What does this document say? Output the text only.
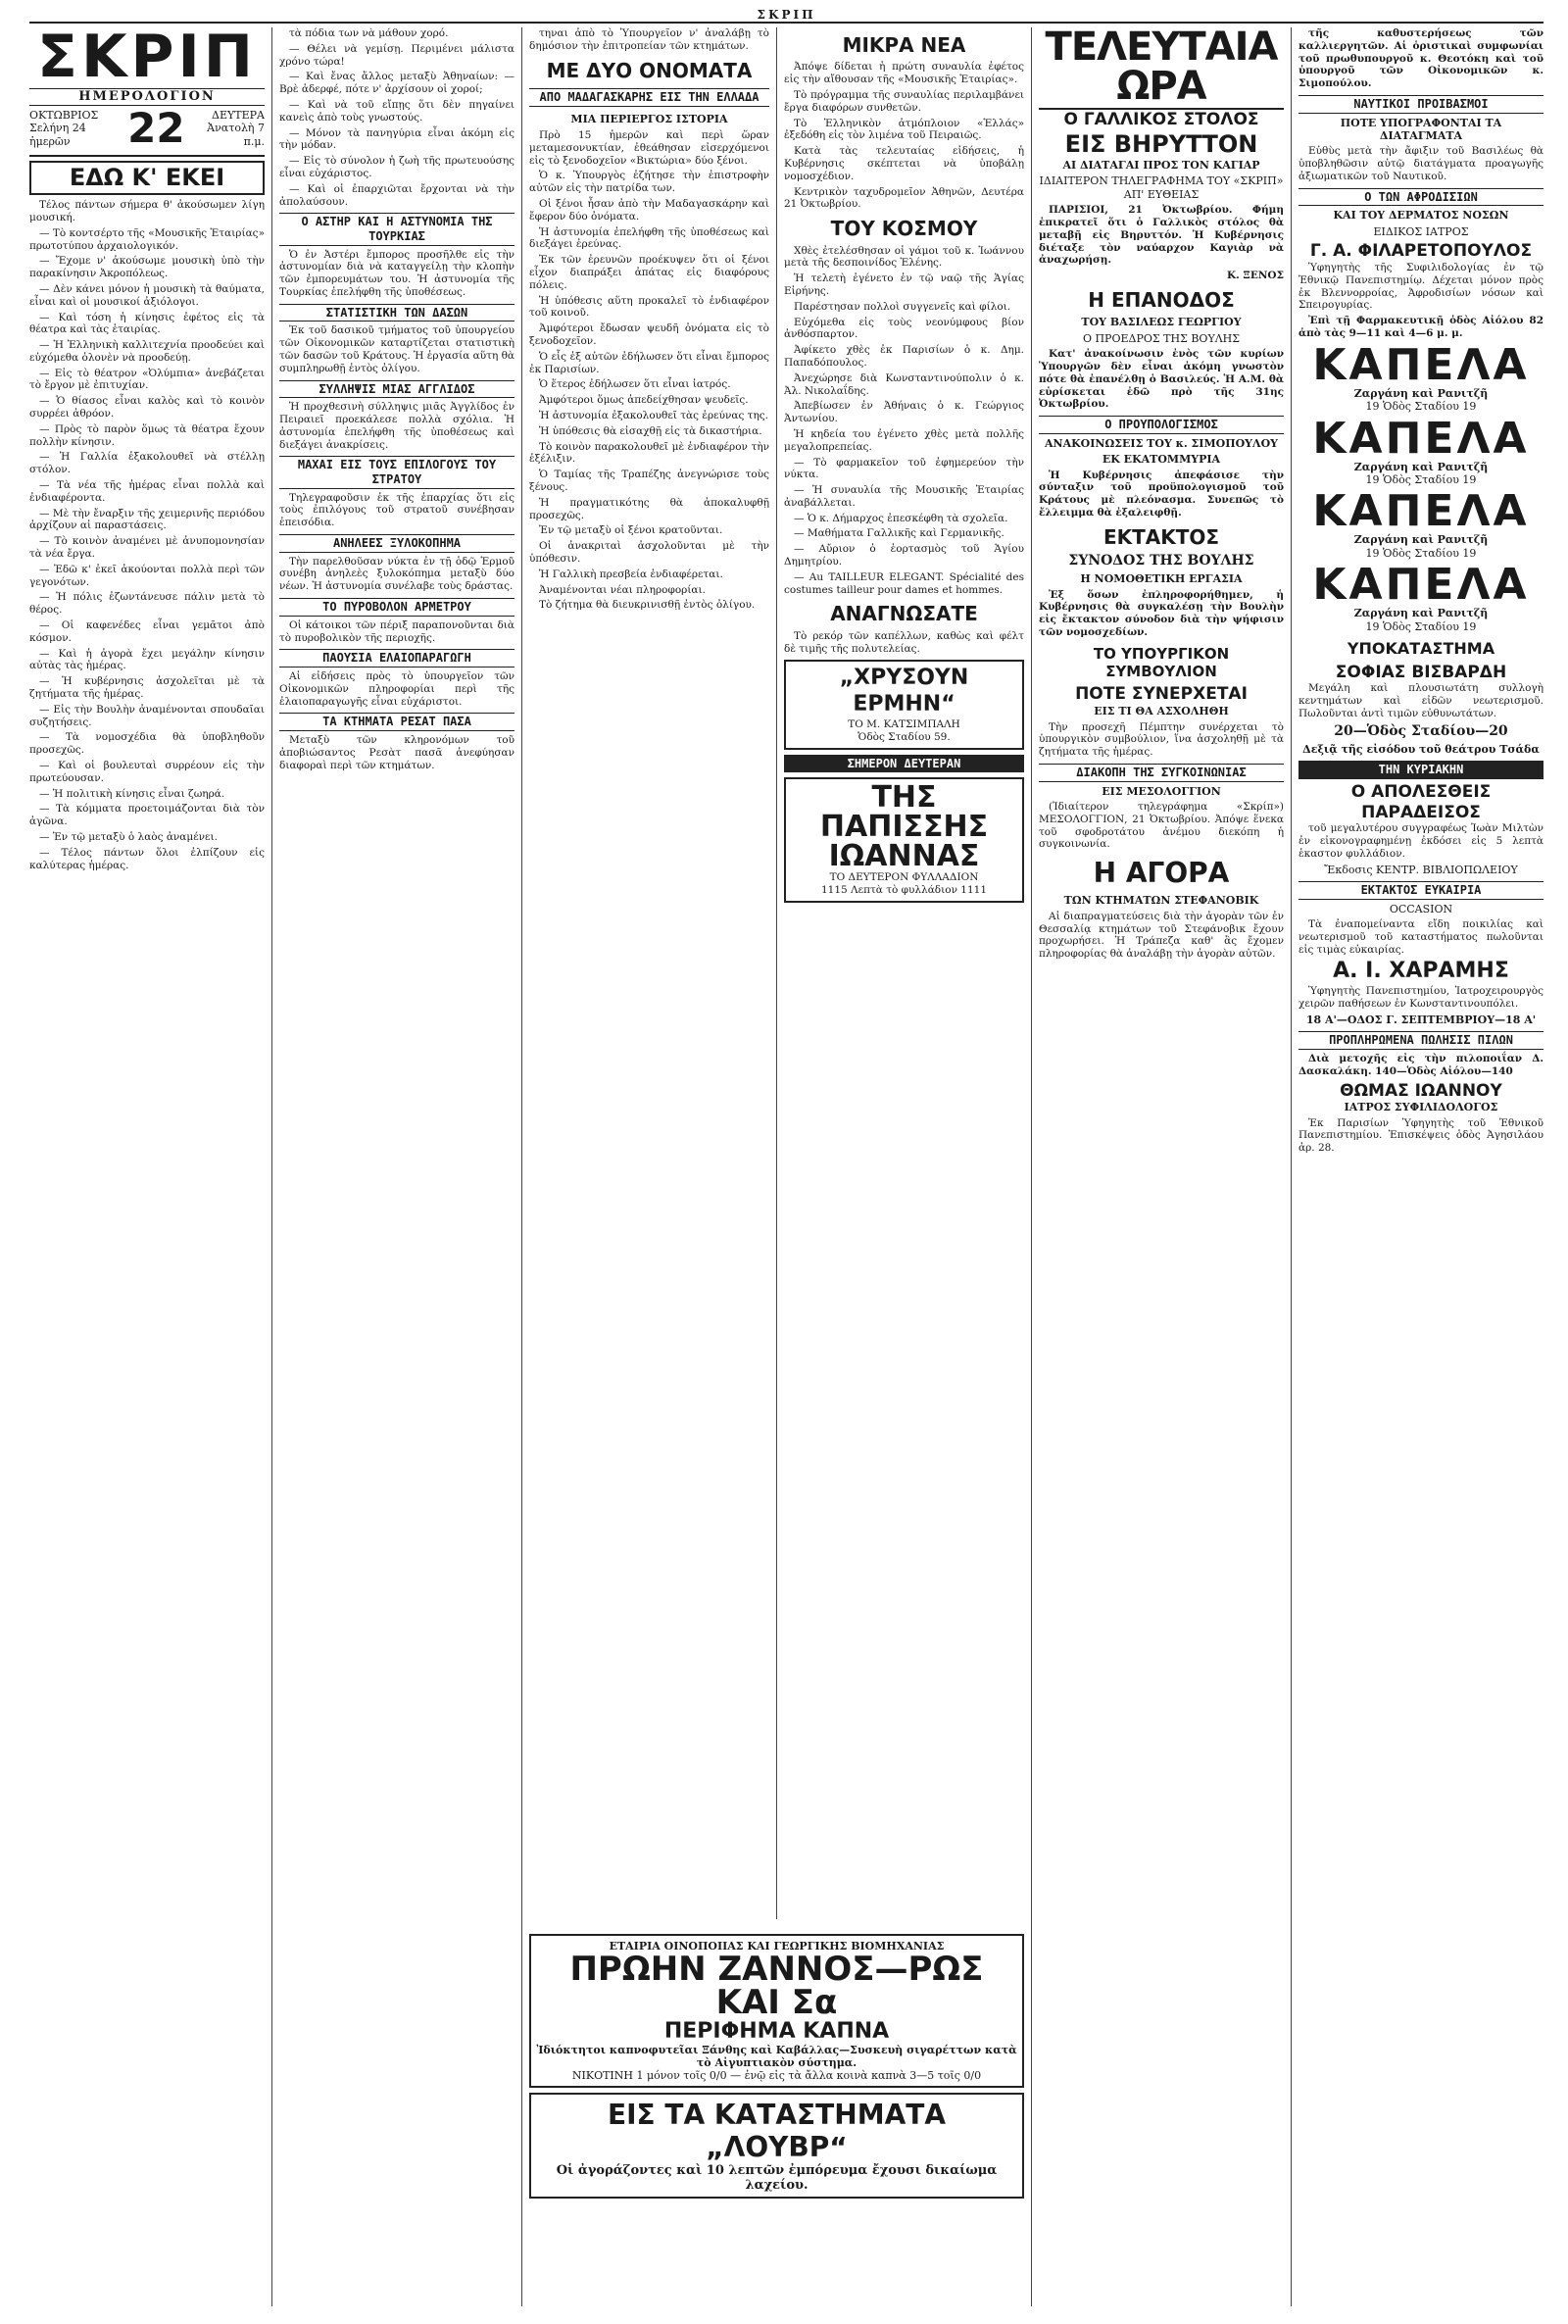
ΣΚΡΙΠ
ΣΚΡΙΠ
ΗΜΕΡΟΛΟΓΙΟΝ
ΟΚΤΩΒΡΙΟΣ
Σελήνη 24 ἡμερῶν	22	ΔΕΥΤΕΡΑ
Ἀνατολὴ 7 π.μ.
ΕΔΩ Κ' ΕΚΕΙ

Τέλος πάντων σήμερα θ' ἀκούσωμεν λίγη μουσική.

— Τὸ κοντσέρτο τῆς «Μουσικῆς Ἑταιρίας» πρωτοτύπου ἀρχαιολογικόν.

— Ἔχομε ν' ἀκούσωμε μουσικὴ ὑπὸ τὴν παρακίνησιν Ἀκροπόλεως.

— Δὲν κάνει μόνον ἡ μουσικὴ τὰ θαύματα, εἶναι καὶ οἱ μουσικοί ἀξιόλογοι.

— Καὶ τόση ἡ κίνησις ἐφέτος εἰς τὰ θέατρα καὶ τὰς ἑταιρίας.

— Ἡ Ἑλληνικὴ καλλιτεχνία προοδεύει καὶ εὐχόμεθα ὁλονὲν νὰ προοδεύῃ.

— Εἰς τὸ θέατρον «Ὀλύμπια» ἀνεβάζεται τὸ ἔργον μὲ ἐπιτυχίαν.

— Ὁ θίασος εἶναι καλὸς καὶ τὸ κοινὸν συρρέει ἀθρόον.

— Πρὸς τὸ παρὸν ὅμως τὰ θέατρα ἔχουν πολλὴν κίνησιν.

— Ἡ Γαλλία ἐξακολουθεῖ νὰ στέλλῃ στόλον.

— Τὰ νέα τῆς ἡμέρας εἶναι πολλὰ καὶ ἐνδιαφέροντα.

— Μὲ τὴν ἔναρξιν τῆς χειμερινῆς περιόδου ἀρχίζουν αἱ παραστάσεις.

— Τὸ κοινὸν ἀναμένει μὲ ἀνυπομονησίαν τὰ νέα ἔργα.

— Ἐδῶ κ' ἐκεῖ ἀκούονται πολλὰ περὶ τῶν γεγονότων.

— Ἡ πόλις ἐζωντάνευσε πάλιν μετὰ τὸ θέρος.

— Οἱ καφενέδες εἶναι γεμᾶτοι ἀπὸ κόσμον.

— Καὶ ἡ ἀγορὰ ἔχει μεγάλην κίνησιν αὐτὰς τὰς ἡμέρας.

— Ἡ κυβέρνησις ἀσχολεῖται μὲ τὰ ζητήματα τῆς ἡμέρας.

— Εἰς τὴν Βουλὴν ἀναμένονται σπουδαῖαι συζητήσεις.

— Τὰ νομοσχέδια θὰ ὑποβληθοῦν προσεχῶς.

— Καὶ οἱ βουλευταὶ συρρέουν εἰς τὴν πρωτεύουσαν.

— Ἡ πολιτικὴ κίνησις εἶναι ζωηρά.

— Τὰ κόμματα προετοιμάζονται διὰ τὸν ἀγῶνα.

— Ἐν τῷ μεταξὺ ὁ λαὸς ἀναμένει.

— Τέλος πάντων ὅλοι ἐλπίζουν εἰς καλύτερας ἡμέρας.

τὰ πόδια των νὰ μάθουν χορό.

— Θέλει νὰ γεμίσῃ. Περιμένει μάλιστα χρόνο τώρα!

— Καὶ ἔνας ἄλλος μεταξὺ Ἀθηναίων: — Βρὲ ἀδερφέ, πότε ν' ἀρχίσουν οἱ χοροί;

— Καὶ νὰ τοῦ εἴπῃς ὅτι δὲν πηγαίνει κανεὶς ἀπὸ τοὺς γνωστούς.

— Μόνον τὰ πανηγύρια εἶναι ἀκόμη εἰς τὴν μόδαν.

— Εἰς τὸ σύνολον ἡ ζωὴ τῆς πρωτευούσης εἶναι εὐχάριστος.

— Καὶ οἱ ἐπαρχιῶται ἔρχονται νὰ τὴν ἀπολαύσουν.

Ο ΑΣΤΗΡ ΚΑΙ Η ΑΣΤΥΝΟΜΙΑ ΤΗΣ ΤΟΥΡΚΙΑΣ

Ὁ ἐν Ἀστέρι ἔμπορος προσῆλθε εἰς τὴν ἀστυνομίαν διὰ νὰ καταγγείλῃ τὴν κλοπὴν τῶν ἐμπορευμάτων του. Ἡ ἀστυνομία τῆς Τουρκίας ἐπελήφθη τῆς ὑποθέσεως.

ΣΤΑΤΙΣΤΙΚΗ ΤΩΝ ΔΑΣΩΝ

Ἐκ τοῦ δασικοῦ τμήματος τοῦ ὑπουργείου τῶν Οἰκονομικῶν καταρτίζεται στατιστικὴ τῶν δασῶν τοῦ Κράτους. Ἡ ἐργασία αὕτη θὰ συμπληρωθῇ ἐντὸς ὀλίγου.

ΣΥΛΛΗΨΙΣ ΜΙΑΣ ΑΓΓΛΙΔΟΣ

Ἡ προχθεσινὴ σύλληψις μιᾶς Ἀγγλίδος ἐν Πειραιεῖ προεκάλεσε πολλὰ σχόλια. Ἡ ἀστυνομία ἐπελήφθη τῆς ὑποθέσεως καὶ διεξάγει ἀνακρίσεις.

ΜΑΧΑΙ ΕΙΣ ΤΟΥΣ ΕΠΙΛΟΓΟΥΣ ΤΟΥ ΣΤΡΑΤΟΥ

Τηλεγραφοῦσιν ἐκ τῆς ἐπαρχίας ὅτι εἰς τοὺς ἐπιλόγους τοῦ στρατοῦ συνέβησαν ἐπεισόδια.

ΑΝΗΛΕΕΣ ΞΥΛΟΚΟΠΗΜΑ

Τὴν παρελθοῦσαν νύκτα ἐν τῇ ὁδῷ Ἑρμοῦ συνέβη ἀνηλεὲς ξυλοκόπημα μεταξὺ δύο νέων. Ἡ ἀστυνομία συνέλαβε τοὺς δράστας.

ΤΟ ΠΥΡΟΒΟΛΟΝ ΑΡΜΕΤΡΟΥ

Οἱ κάτοικοι τῶν πέριξ παραπονοῦνται διὰ τὸ πυροβολικὸν τῆς περιοχῆς.

ΠΑΟΥΣΙΑ ΕΛΑΙΟΠΑΡΑΓΩΓΗ

Αἱ εἰδήσεις πρὸς τὸ ὑπουργεῖον τῶν Οἰκονομικῶν πληροφορίαι περὶ τῆς ἐλαιοπαραγωγῆς εἶναι εὐχάριστοι.

ΤΑ ΚΤΗΜΑΤΑ ΡΕΣΑΤ ΠΑΣΑ

Μεταξὺ τῶν κληρονόμων τοῦ ἀποβιώσαντος Ρεσὰτ πασᾶ ἀνεφύησαν διαφοραὶ περὶ τῶν κτημάτων.

τηναι ἀπὸ τὸ Ὑπουργεῖον ν' ἀναλάβῃ τὸ δημόσιον τὴν ἐπιτροπείαν τῶν κτημάτων.

ΜΕ ΔΥΟ ΟΝΟΜΑΤΑ
ΑΠΟ ΜΑΔΑΓΑΣΚΑΡΗΣ ΕΙΣ ΤΗΝ ΕΛΛΑΔΑ
ΜΙΑ ΠΕΡΙΕΡΓΟΣ ΙΣΤΟΡΙΑ

Πρὸ 15 ἡμερῶν καὶ περὶ ὥραν μεταμεσονυκτίαν, ἐθεάθησαν εἰσερχόμενοι εἰς τὸ ξενοδοχεῖον «Βικτώρια» δύο ξένοι.

Ὁ κ. Ὑπουργὸς ἐζήτησε τὴν ἐπιστροφὴν αὐτῶν εἰς τὴν πατρίδα των.

Οἱ ξένοι ἦσαν ἀπὸ τὴν Μαδαγασκάρην καὶ ἔφερον δύο ὀνόματα.

Ἡ ἀστυνομία ἐπελήφθη τῆς ὑποθέσεως καὶ διεξάγει ἐρεύνας.

Ἐκ τῶν ἐρευνῶν προέκυψεν ὅτι οἱ ξένοι εἶχον διαπράξει ἀπάτας εἰς διαφόρους πόλεις.

Ἡ ὑπόθεσις αὕτη προκαλεῖ τὸ ἐνδιαφέρον τοῦ κοινοῦ.

Ἀμφότεροι ἔδωσαν ψευδῆ ὀνόματα εἰς τὸ ξενοδοχεῖον.

Ὁ εἷς ἐξ αὐτῶν ἐδήλωσεν ὅτι εἶναι ἔμπορος ἐκ Παρισίων.

Ὁ ἕτερος ἐδήλωσεν ὅτι εἶναι ἰατρός.

Ἀμφότεροι ὅμως ἀπεδείχθησαν ψευδεῖς.

Ἡ ἀστυνομία ἐξακολουθεῖ τὰς ἐρεύνας της.

Ἡ ὑπόθεσις θὰ εἰσαχθῇ εἰς τὰ δικαστήρια.

Τὸ κοινὸν παρακολουθεῖ μὲ ἐνδιαφέρον τὴν ἐξέλιξιν.

Ὁ Ταμίας τῆς Τραπέζης ἀνεγνώρισε τοὺς ξένους.

Ἡ πραγματικότης θὰ ἀποκαλυφθῇ προσεχῶς.

Ἐν τῷ μεταξὺ οἱ ξένοι κρατοῦνται.

Οἱ ἀνακριταὶ ἀσχολοῦνται μὲ τὴν ὑπόθεσιν.

Ἡ Γαλλικὴ πρεσβεία ἐνδιαφέρεται.

Ἀναμένονται νέαι πληροφορίαι.

Τὸ ζήτημα θὰ διευκρινισθῇ ἐντὸς ὀλίγου.

ΜΙΚΡΑ ΝΕΑ

Ἀπόψε δίδεται ἡ πρώτη συναυλία ἐφέτος εἰς τὴν αἴθουσαν τῆς «Μουσικῆς Ἑταιρίας».

Τὸ πρόγραμμα τῆς συναυλίας περιλαμβάνει ἔργα διαφόρων συνθετῶν.

Τὸ Ἑλληνικὸν ἀτμόπλοιον «Ἑλλάς» ἐξεδόθη εἰς τὸν λιμένα τοῦ Πειραιῶς.

Κατὰ τὰς τελευταίας εἰδήσεις, ἡ Κυβέρνησις σκέπτεται νὰ ὑποβάλῃ νομοσχέδιον.

Κεντρικὸν ταχυδρομεῖον Ἀθηνῶν, Δευτέρα 21 Ὀκτωβρίου.

ΤΟΥ ΚΟΣΜΟΥ

Χθὲς ἐτελέσθησαν οἱ γάμοι τοῦ κ. Ἰωάννου μετὰ τῆς δεσποινίδος Ἑλένης.

Ἡ τελετὴ ἐγένετο ἐν τῷ ναῷ τῆς Ἁγίας Εἰρήνης.

Παρέστησαν πολλοὶ συγγενεῖς καὶ φίλοι.

Εὐχόμεθα εἰς τοὺς νεονύμφους βίον ἀνθόσπαρτον.

Ἀφίκετο χθὲς ἐκ Παρισίων ὁ κ. Δημ. Παπαδόπουλος.

Ἀνεχώρησε διὰ Κωνσταντινούπολιν ὁ κ. Ἀλ. Νικολαΐδης.

Ἀπεβίωσεν ἐν Ἀθήναις ὁ κ. Γεώργιος Ἀντωνίου.

Ἡ κηδεία του ἐγένετο χθὲς μετὰ πολλῆς μεγαλοπρεπείας.

— Τὸ φαρμακεῖον τοῦ ἐφημερεύον τὴν νύκτα.

— Ἡ συναυλία τῆς Μουσικῆς Ἑταιρίας ἀναβάλλεται.

— Ὁ κ. Δήμαρχος ἐπεσκέφθη τὰ σχολεῖα.

— Μαθήματα Γαλλικῆς καὶ Γερμανικῆς.

— Αὔριον ὁ ἑορτασμὸς τοῦ Ἁγίου Δημητρίου.

— Au TAILLEUR ELEGANT. Spécialité des costumes tailleur pour dames et hommes.

ΑΝΑΓΝΩΣΑΤΕ

Τὸ ρεκόρ τῶν καπέλλων, καθὼς καὶ φέλτ δὲ τιμῆς τῆς πολυτελείας.

„ΧΡΥΣΟΥΝ ΕΡΜΗΝ“
ΤΟ Μ. ΚΑΤΣΙΜΠΑΛΗ
Ὁδὸς Σταδίου 59.
ΣΗΜΕΡΟΝ ΔΕΥΤΕΡΑΝ
ΤΗΣ ΠΑΠΙΣΣΗΣ ΙΩΑΝΝΑΣ
ΤΟ ΔΕΥΤΕΡΟΝ ΦΥΛΛΑΔΙΟΝ
1115 Λεπτὰ τὸ φυλλάδιον 1111
ΕΤΑΙΡΙΑ ΟΙΝΟΠΟΙΙΑΣ ΚΑΙ ΓΕΩΡΓΙΚΗΣ ΒΙΟΜΗΧΑΝΙΑΣ
ΠΡΩΗΝ ΖΑΝΝΟΣ—ΡΩΣ ΚΑΙ Σα
ΠΕΡΙΦΗΜΑ ΚΑΠΝΑ
Ἰδιόκτητοι καπνοφυτεῖαι Ξάνθης καὶ Καβάλλας—Συσκευὴ σιγαρέττων κατὰ τὸ Αἰγυπτιακὸν σύστημα.
ΝΙΚΟΤΙΝΗ 1 μόνον τοῖς 0/0 — ἐνῷ εἰς τὰ ἄλλα κοινὰ καπνὰ 3—5 τοῖς 0/0
ΕΙΣ ΤΑ ΚΑΤΑΣΤΗΜΑΤΑ „ΛΟΥΒΡ“
Οἱ ἀγοράζοντες καὶ 10 λεπτῶν ἐμπόρευμα ἔχουσι δικαίωμα λαχείου.
ΤΕΛΕΥΤΑΙΑ ΩΡΑ
Ο ΓΑΛΛΙΚΟΣ ΣΤΟΛΟΣ
ΕΙΣ ΒΗΡΥΤΤΟΝ
ΑΙ ΔΙΑΤΑΓΑΙ ΠΡΟΣ ΤΟΝ ΚΑΓΙΑΡ
ΙΔΙΑΙΤΕΡΟΝ ΤΗΛΕΓΡΑΦΗΜΑ ΤΟΥ «ΣΚΡΙΠ» ΑΠ' ΕΥΘΕΙΑΣ

ΠΑΡΙΣΙΟΙ, 21 Ὀκτωβρίου. Φήμη ἐπικρατεῖ ὅτι ὁ Γαλλικὸς στόλος θὰ μεταβῇ εἰς Βηρυττόν. Ἡ Κυβέρνησις διέταξε τὸν ναύαρχον Καγιὰρ νὰ ἀναχωρήσῃ.

Κ. ΞΕΝΟΣ
Η ΕΠΑΝΟΔΟΣ
ΤΟΥ ΒΑΣΙΛΕΩΣ ΓΕΩΡΓΙΟΥ
Ο ΠΡΟΕΔΡΟΣ ΤΗΣ ΒΟΥΛΗΣ

Κατ' ἀνακοίνωσιν ἐνὸς τῶν κυρίων Ὑπουργῶν δὲν εἶναι ἀκόμη γνωστὸν πότε θὰ ἐπανέλθῃ ὁ Βασιλεύς. Ἡ Α.Μ. θὰ εὑρίσκεται ἐδῶ πρὸ τῆς 31ης Ὀκτωβρίου.

Ο ΠΡΟΥΠΟΛΟΓΙΣΜΟΣ
ΑΝΑΚΟΙΝΩΣΕΙΣ ΤΟΥ κ. ΣΙΜΟΠΟΥΛΟΥ
ΕΚ ΕΚΑΤΟΜΜΥΡΙΑ

Ἡ Κυβέρνησις ἀπεφάσισε τὴν σύνταξιν τοῦ προϋπολογισμοῦ τοῦ Κράτους μὲ πλεόνασμα. Συνεπῶς τὸ ἔλλειμμα θὰ ἐξαλειφθῇ.

ΕΚΤΑΚΤΟΣ
ΣΥΝΟΔΟΣ ΤΗΣ ΒΟΥΛΗΣ
Η ΝΟΜΟΘΕΤΙΚΗ ΕΡΓΑΣΙΑ

Ἐξ ὅσων ἐπληροφορήθημεν, ἡ Κυβέρνησις θὰ συγκαλέσῃ τὴν Βουλὴν εἰς ἔκτακτον σύνοδον διὰ τὴν ψήφισιν τῶν νομοσχεδίων.

ΤΟ ΥΠΟΥΡΓΙΚΟΝ ΣΥΜΒΟΥΛΙΟΝ
ΠΟΤΕ ΣΥΝΕΡΧΕΤΑΙ
ΕΙΣ ΤΙ ΘΑ ΑΣΧΟΛΗΘΗ

Τὴν προσεχῆ Πέμπτην συνέρχεται τὸ ὑπουργικὸν συμβούλιον, ἵνα ἀσχοληθῇ μὲ τὰ ζητήματα τῆς ἡμέρας.

ΔΙΑΚΟΠΗ ΤΗΣ ΣΥΓΚΟΙΝΩΝΙΑΣ
ΕΙΣ ΜΕΣΟΛΟΓΓΙΟΝ

(Ἰδιαίτερον τηλεγράφημα «Σκρίπ») ΜΕΣΟΛΟΓΓΙΟΝ, 21 Ὀκτωβρίου. Ἀπόψε ἕνεκα τοῦ σφοδροτάτου ἀνέμου διεκόπη ἡ συγκοινωνία.

Η ΑΓΟΡΑ
ΤΩΝ ΚΤΗΜΑΤΩΝ ΣΤΕΦΑΝΟΒΙΚ

Αἱ διαπραγματεύσεις διὰ τὴν ἀγορὰν τῶν ἐν Θεσσαλίᾳ κτημάτων τοῦ Στεφάνοβικ ἔχουν προχωρήσει. Ἡ Τράπεζα καθ' ἃς ἔχομεν πληροφορίας θὰ ἀναλάβῃ τὴν ἀγορὰν αὐτῶν.

τῆς καθυστερήσεως τῶν καλλιεργητῶν. Αἱ ὁριστικαὶ συμφωνίαι τοῦ πρωθυπουργοῦ κ. Θεοτόκη καὶ τοῦ ὑπουργοῦ τῶν Οἰκονομικῶν κ. Σιμοπούλου.

ΝΑΥΤΙΚΟΙ ΠΡΟΙΒΑΣΜΟΙ
ΠΟΤΕ ΥΠΟΓΡΑΦΟΝΤΑΙ ΤΑ ΔΙΑΤΑΓΜΑΤΑ

Εὐθὺς μετὰ τὴν ἄφιξιν τοῦ Βασιλέως θὰ ὑποβληθῶσιν αὐτῷ διατάγματα προαγωγῆς ἀξιωματικῶν τοῦ Ναυτικοῦ.

Ο ΤΩΝ ΑΦΡΟΔΙΣΙΩΝ
ΚΑΙ ΤΟΥ ΔΕΡΜΑΤΟΣ ΝΟΣΩΝ
ΕΙΔΙΚΟΣ ΙΑΤΡΟΣ
Γ. Α. ΦΙΛΑΡΕΤΟΠΟΥΛΟΣ

Ὑφηγητὴς τῆς Συφιλιδολογίας ἐν τῷ Ἐθνικῷ Πανεπιστημίῳ. Δέχεται μόνον πρὸς ἐκ Βλεννορροίας, Ἀφροδισίων νόσων καὶ Σπειρογυρίας.

Ἐπὶ τῇ Φαρμακευτικῇ ὁδὸς Αἰόλου 82 ἀπὸ τὰς 9—11 καὶ 4—6 μ. μ.

ΚΑΠΕΛΑ
Ζαργάνη καὶ Ρανιτζῆ
19 Ὁδὸς Σταδίου 19
ΚΑΠΕΛΑ
Ζαργάνη καὶ Ρανιτζῆ
19 Ὁδὸς Σταδίου 19
ΚΑΠΕΛΑ
Ζαργάνη καὶ Ρανιτζῆ
19 Ὁδὸς Σταδίου 19
ΚΑΠΕΛΑ
Ζαργάνη καὶ Ρανιτζῆ
19 Ὁδὸς Σταδίου 19
ΥΠΟΚΑΤΑΣΤΗΜΑ
ΣΟΦΙΑΣ ΒΙΣΒΑΡΔΗ

Μεγάλη καὶ πλουσιωτάτη συλλογὴ κεντημάτων καὶ εἰδῶν νεωτερισμοῦ. Πωλοῦνται ἀντὶ τιμῶν εὐθυνωτάτων.

20—Ὁδὸς Σταδίου—20
Δεξιᾷ τῆς εἰσόδου τοῦ θεάτρου Τσάδα
ΤΗΝ ΚΥΡΙΑΚΗΝ
Ο ΑΠΟΛΕΣΘΕΙΣ ΠΑΡΑΔΕΙΣΟΣ

τοῦ μεγαλυτέρου συγγραφέως Ἰωὰν Μιλτὼν ἐν εἰκονογραφημένῃ ἐκδόσει εἰς 5 λεπτὰ ἑκαστον φυλλάδιον.

Ἔκδοσις ΚΕΝΤΡ. ΒΙΒΛΙΟΠΩΛΕΙΟΥ
ΕΚΤΑΚΤΟΣ ΕΥΚΑΙΡΙΑ
OCCASION

Τὰ ἐναπομείναντα εἴδη ποικιλίας καὶ νεωτερισμοῦ τοῦ καταστήματος πωλοῦνται εἰς τιμὰς εὐκαιρίας.

Α. Ι. ΧΑΡΑΜΗΣ

Ὑφηγητὴς Πανεπιστημίου, Ἰατροχειρουργὸς χειρῶν παθήσεων ἐν Κωνσταντινουπόλει.

18 Α'—ΟΔΟΣ Γ. ΣΕΠΤΕΜΒΡΙΟΥ—18 Α'
ΠΡΟΠΛΗΡΩΜΕΝΑ ΠΩΛΗΣΙΣ ΠΙΛΩΝ

Διὰ μετοχῆς εἰς τὴν πιλοποιΐαν Δ. Δασκαλάκη. 140—Ὁδὸς Αἰόλου—140

ΘΩΜΑΣ ΙΩΑΝΝΟΥ
ΙΑΤΡΟΣ ΣΥΦΙΛΙΔΟΛΟΓΟΣ

Ἐκ Παρισίων Ὑφηγητὴς τοῦ Ἐθνικοῦ Πανεπιστημίου. Ἐπισκέψεις ὁδὸς Ἀγησιλάου ἀρ. 28.
